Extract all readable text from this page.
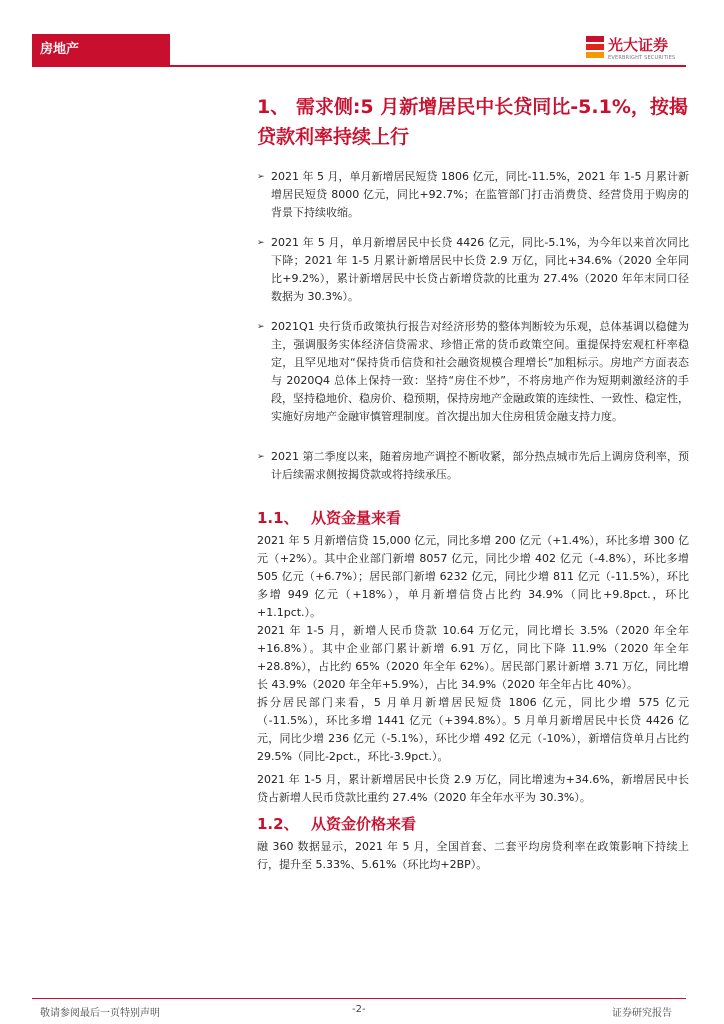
房地产	光大证券
EVERBRIGHT SECURITIES
1、 需求侧:5 月新增居民中长贷同比-5.1%，按揭贷款利率持续上行
➢ 2021 年 5 月，单月新增居民短贷 1806 亿元，同比-11.5%，2021 年 1-5 月累计新增居民短贷 8000 亿元，同比+92.7%；在监管部门打击消费贷、经营贷用于购房的背景下持续收缩。
➢ 2021 年 5 月，单月新增居民中长贷 4426 亿元，同比-5.1%，为今年以来首次同比下降；2021 年 1-5 月累计新增居民中长贷 2.9 万亿，同比+34.6%（2020 全年同比+9.2%），累计新增居民中长贷占新增贷款的比重为 27.4%（2020 年年末同口径数据为 30.3%）。
➢ 2021Q1 央行货币政策执行报告对经济形势的整体判断较为乐观，总体基调以稳健为主，强调服务实体经济信贷需求、珍惜正常的货币政策空间。重提保持宏观杠杆率稳定，且罕见地对“保持货币信贷和社会融资规模合理增长”加粗标示。房地产方面表态与 2020Q4 总体上保持一致：坚持“房住不炒”，不将房地产作为短期刺激经济的手段，坚持稳地价、稳房价、稳预期，保持房地产金融政策的连续性、一致性、稳定性，实施好房地产金融审慎管理制度。首次提出加大住房租赁金融支持力度。
➢ 2021 第二季度以来，随着房地产调控不断收紧，部分热点城市先后上调房贷利率，预计后续需求侧按揭贷款或将持续承压。
1.1、 从资金量来看
2021 年 5 月新增信贷 15,000 亿元，同比多增 200 亿元（+1.4%），环比多增 300 亿元（+2%）。其中企业部门新增 8057 亿元，同比少增 402 亿元（-4.8%），环比多增 505 亿元（+6.7%）；居民部门新增 6232 亿元，同比少增 811 亿元（-11.5%），环比多增 949 亿元（+18%），单月新增信贷占比约 34.9%（同比+9.8pct.，环比+1.1pct.）。
2021 年 1-5 月，新增人民币贷款 10.64 万亿元，同比增长 3.5%（2020 年全年+16.8%）。其中企业部门累计新增 6.91 万亿，同比下降 11.9%（2020 年全年+28.8%），占比约 65%（2020 年全年 62%）。居民部门累计新增 3.71 万亿，同比增长 43.9%（2020 年全年+5.9%），占比 34.9%（2020 年全年占比 40%）。
拆分居民部门来看，5 月单月新增居民短贷 1806 亿元，同比少增 575 亿元（-11.5%），环比多增 1441 亿元（+394.8%）。5 月单月新增居民中长贷 4426 亿元，同比少增 236 亿元（-5.1%），环比少增 492 亿元（-10%），新增信贷单月占比约 29.5%（同比-2pct.，环比-3.9pct.）。
2021 年 1-5 月，累计新增居民中长贷 2.9 万亿，同比增速为+34.6%，新增居民中长贷占新增人民币贷款比重约 27.4%（2020 年全年水平为 30.3%）。
1.2、 从资金价格来看
融 360 数据显示，2021 年 5 月，全国首套、二套平均房贷利率在政策影响下持续上行，提升至 5.33%、5.61%（环比均+2BP）。
敬请参阅最后一页特别声明	-2-	证券研究报告
